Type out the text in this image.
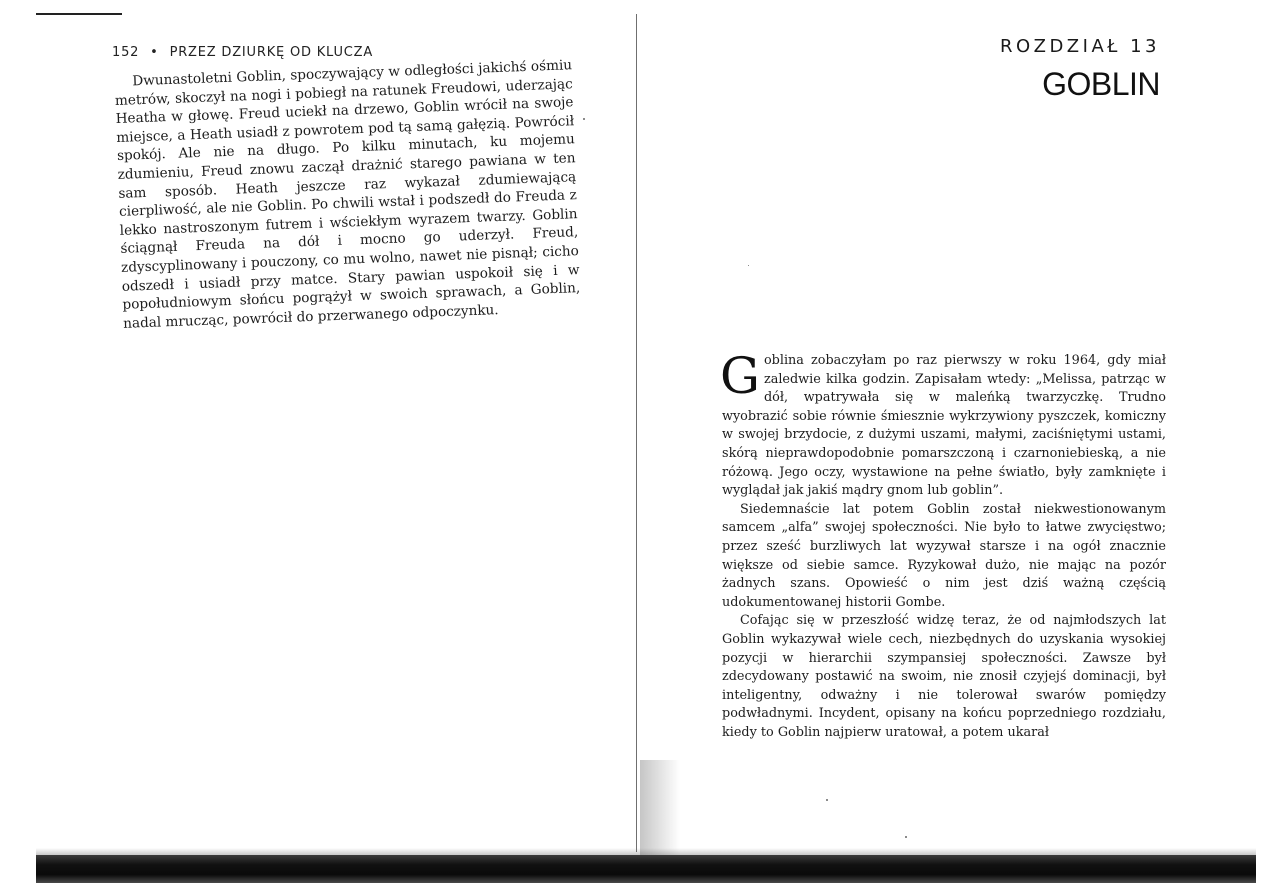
152 • PRZEZ DZIURKĘ OD KLUCZA

Dwunastoletni Goblin, spoczywający w odległości jakichś ośmiu metrów, skoczył na nogi i pobiegł na ratunek Freudowi, uderzając Heatha w głowę. Freud uciekł na drzewo, Goblin wrócił na swoje miejsce, a Heath usiadł z powrotem pod tą samą gałęzią. Powrócił spokój. Ale nie na długo. Po kilku minutach, ku mojemu zdumieniu, Freud znowu zaczął drażnić starego pawiana w ten sam sposób. Heath jeszcze raz wykazał zdumiewającą cierpliwość, ale nie Goblin. Po chwili wstał i podszedł do Freuda z lekko nastroszonym futrem i wściekłym wyrazem twarzy. Goblin ściągnął Freuda na dół i mocno go uderzył. Freud, zdyscyplinowany i pouczony, co mu wolno, nawet nie pisnął; cicho odszedł i usiadł przy matce. Stary pawian uspokoił się i w popołudniowym słońcu pogrążył w swoich sprawach, a Goblin, nadal mrucząc, powrócił do przerwanego odpoczynku.

ROZDZIAŁ 13
GOBLIN

Goblina zobaczyłam po raz pierwszy w roku 1964, gdy miał zaledwie kilka godzin. Zapisałam wtedy: „Melissa, patrząc w dół, wpatrywała się w maleńką twarzyczkę. Trudno wyobrazić sobie równie śmiesznie wykrzywiony pyszczek, komiczny w swojej brzydocie, z dużymi uszami, małymi, zaciśniętymi ustami, skórą nieprawdopodobnie pomarszczoną i czarnoniebieską, a nie różową. Jego oczy, wystawione na pełne światło, były zamknięte i wyglądał jak jakiś mądry gnom lub goblin”.

Siedemnaście lat potem Goblin został niekwestionowanym samcem „alfa” swojej społeczności. Nie było to łatwe zwycięstwo; przez sześć burzliwych lat wyzywał starsze i na ogół znacznie większe od siebie samce. Ryzykował dużo, nie mając na pozór żadnych szans. Opowieść o nim jest dziś ważną częścią udokumentowanej historii Gombe.

Cofając się w przeszłość widzę teraz, że od najmłodszych lat Goblin wykazywał wiele cech, niezbędnych do uzyskania wysokiej pozycji w hierarchii szympansiej społeczności. Zawsze był zdecydowany postawić na swoim, nie znosił czyjejś dominacji, był inteligentny, odważny i nie tolerował swarów pomiędzy podwładnymi. Incydent, opisany na końcu poprzedniego rozdziału, kiedy to Goblin najpierw uratował, a potem ukarał
